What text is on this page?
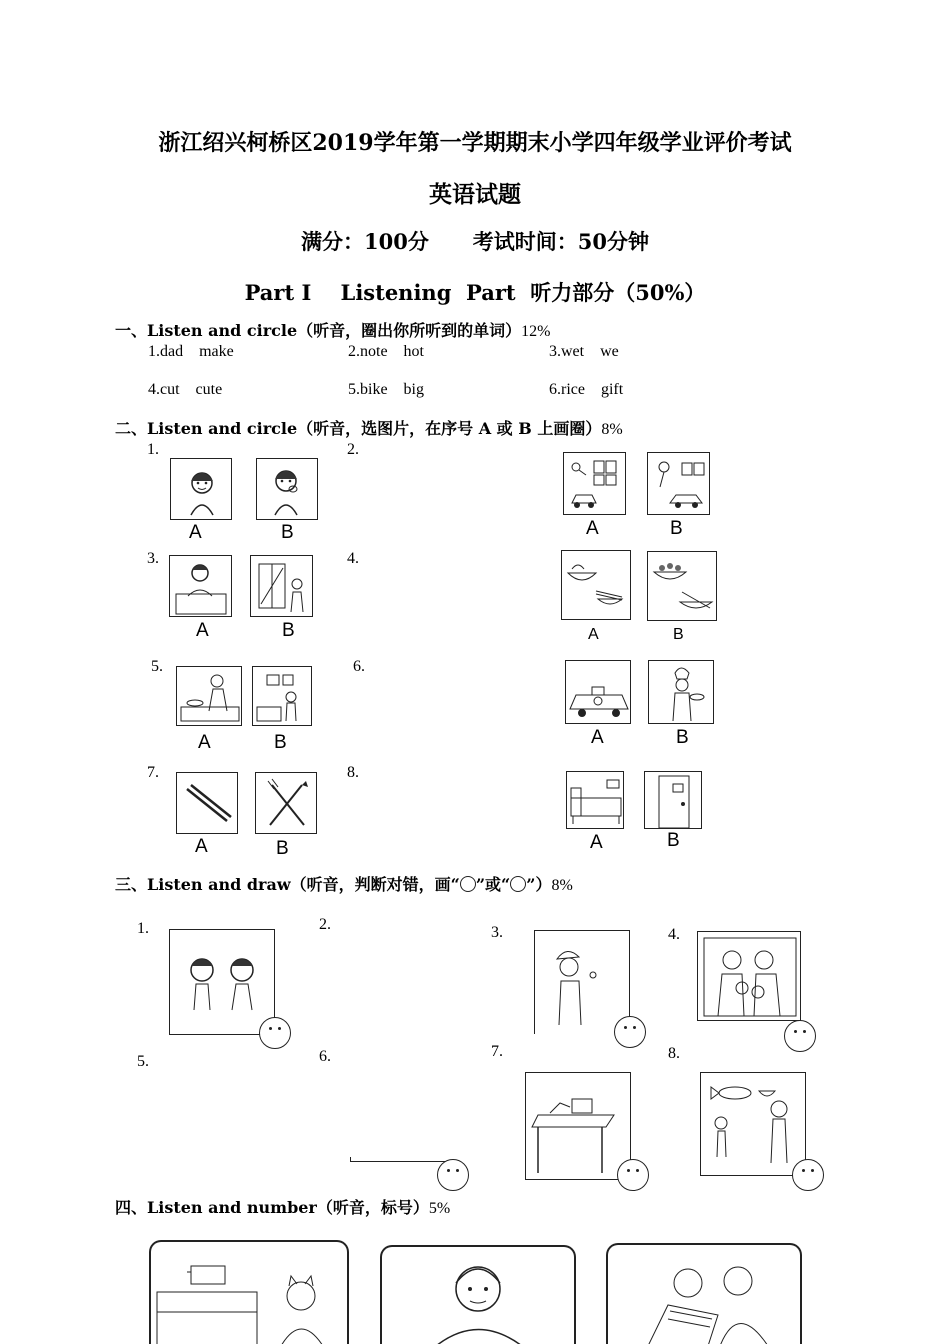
浙江绍兴柯桥区2019学年第一学期期末小学四年级学业评价考试
英语试题
满分：100分      考试时间：50分钟
Part I    Listening  Part  听力部分（50%）
一、Listen and circle（听音，圈出你所听到的单词）12%
1.dad    make	2.note    hot	3.wet    we
4.cut    cute	5.bike    big	6.rice    gift
二、Listen and circle（听音，选图片，在序号 A 或 B 上画圈）8%
1.	2.
3.	4.
5.	6.
7.	8.
A	B	A	B
A	B	A	B
A	B	A	B
A	B	A	B
三、Listen and draw（听音，判断对错，画“ ”或“ ”）8%
1.	2.	3.	4.
5.	6.	7.	8.
四、Listen and number（听音，标号）5%
